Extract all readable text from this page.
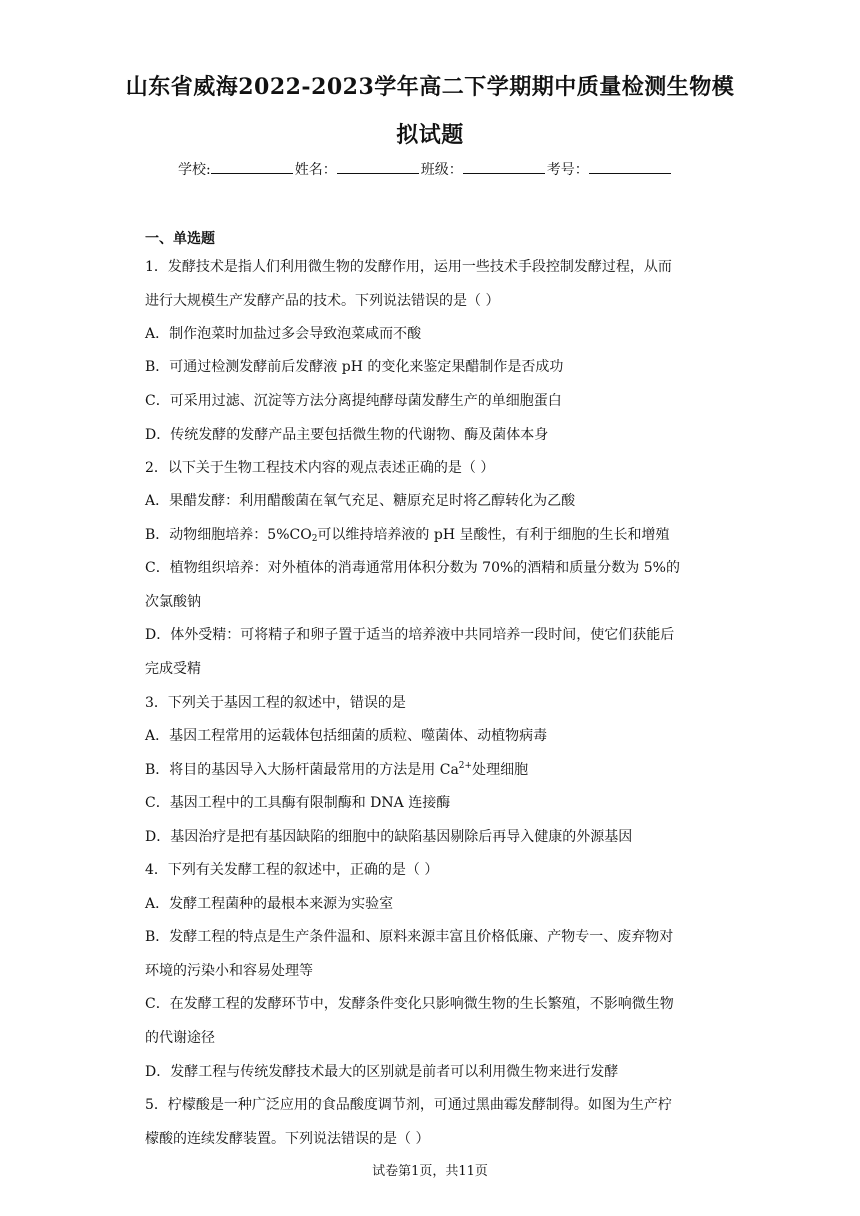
山东省威海2022-2023学年高二下学期期中质量检测生物模
拟试题
学校:	姓名：	班级：	考号：
一、单选题
1．发酵技术是指人们利用微生物的发酵作用，运用一些技术手段控制发酵过程，从而
进行大规模生产发酵产品的技术。下列说法错误的是（ ）
A．制作泡菜时加盐过多会导致泡菜咸而不酸
B．可通过检测发酵前后发酵液 pH 的变化来鉴定果醋制作是否成功
C．可采用过滤、沉淀等方法分离提纯酵母菌发酵生产的单细胞蛋白
D．传统发酵的发酵产品主要包括微生物的代谢物、酶及菌体本身
2．以下关于生物工程技术内容的观点表述正确的是（ ）
A．果醋发酵：利用醋酸菌在氧气充足、糖原充足时将乙醇转化为乙酸
B．动物细胞培养：$5\%CO_2$可以维持培养液的 pH 呈酸性，有利于细胞的生长和增殖
C．植物组织培养：对外植体的消毒通常用体积分数为 70%的酒精和质量分数为 5%的
次氯酸钠
D．体外受精：可将精子和卵子置于适当的培养液中共同培养一段时间，使它们获能后
完成受精
3．下列关于基因工程的叙述中，错误的是
A．基因工程常用的运载体包括细菌的质粒、噬菌体、动植物病毒
B．将目的基因导入大肠杆菌最常用的方法是用 $Ca^{2+}$处理细胞
C．基因工程中的工具酶有限制酶和 DNA 连接酶
D．基因治疗是把有基因缺陷的细胞中的缺陷基因剔除后再导入健康的外源基因
4．下列有关发酵工程的叙述中，正确的是（ ）
A．发酵工程菌种的最根本来源为实验室
B．发酵工程的特点是生产条件温和、原料来源丰富且价格低廉、产物专一、废弃物对
环境的污染小和容易处理等
C．在发酵工程的发酵环节中，发酵条件变化只影响微生物的生长繁殖，不影响微生物
的代谢途径
D．发酵工程与传统发酵技术最大的区别就是前者可以利用微生物来进行发酵
5．柠檬酸是一种广泛应用的食品酸度调节剂，可通过黑曲霉发酵制得。如图为生产柠
檬酸的连续发酵装置。下列说法错误的是（ ）
试卷第1页，共11页
